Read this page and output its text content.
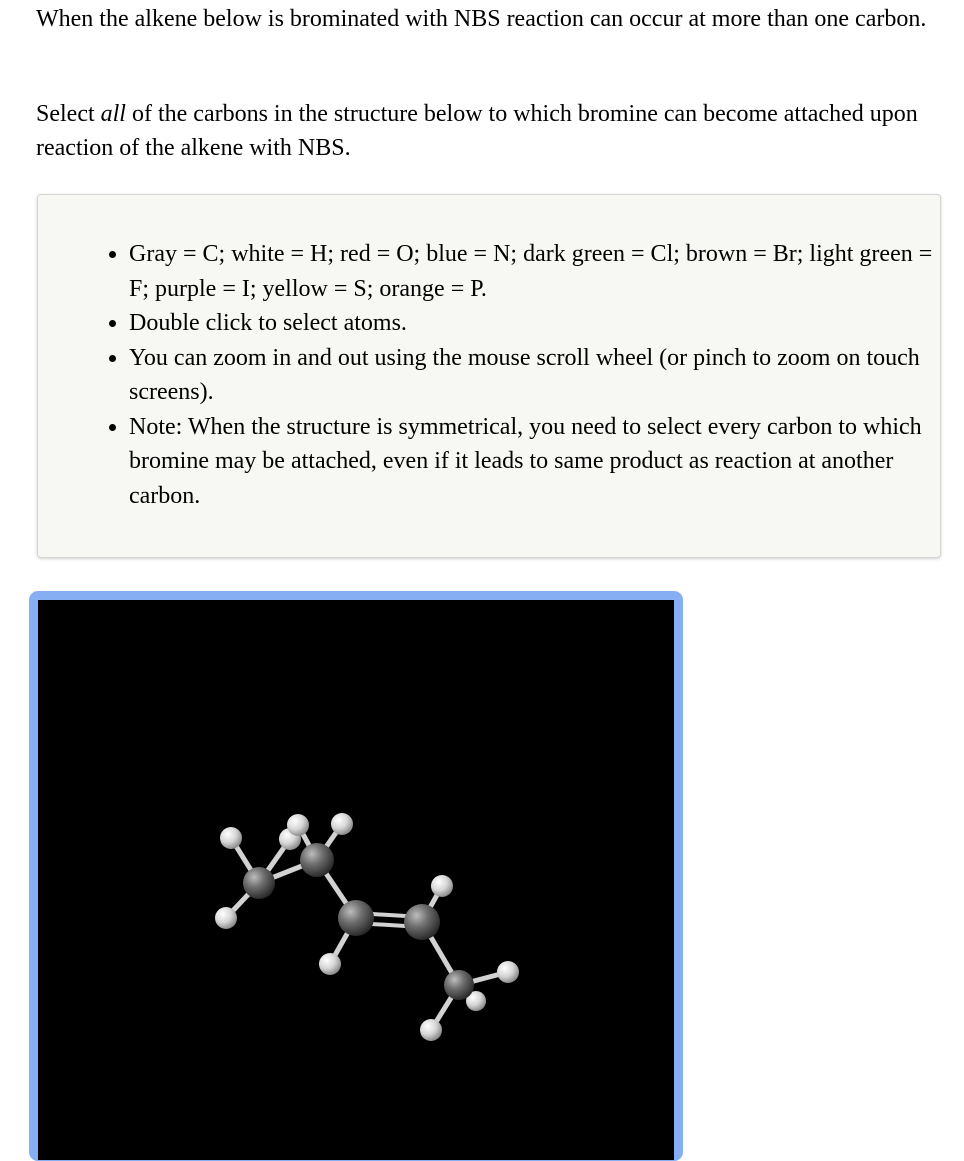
When the alkene below is brominated with NBS reaction can occur at more than one carbon.

Select all of the carbons in the structure below to which bromine can become attached upon reaction of the alkene with NBS.

• Gray = C; white = H; red = O; blue = N; dark green = Cl; brown = Br; light green = F; purple = I; yellow = S; orange = P.
• Double click to select atoms.
• You can zoom in and out using the mouse scroll wheel (or pinch to zoom on touch screens).
• Note: When the structure is symmetrical, you need to select every carbon to which bromine may be attached, even if it leads to same product as reaction at another carbon.
